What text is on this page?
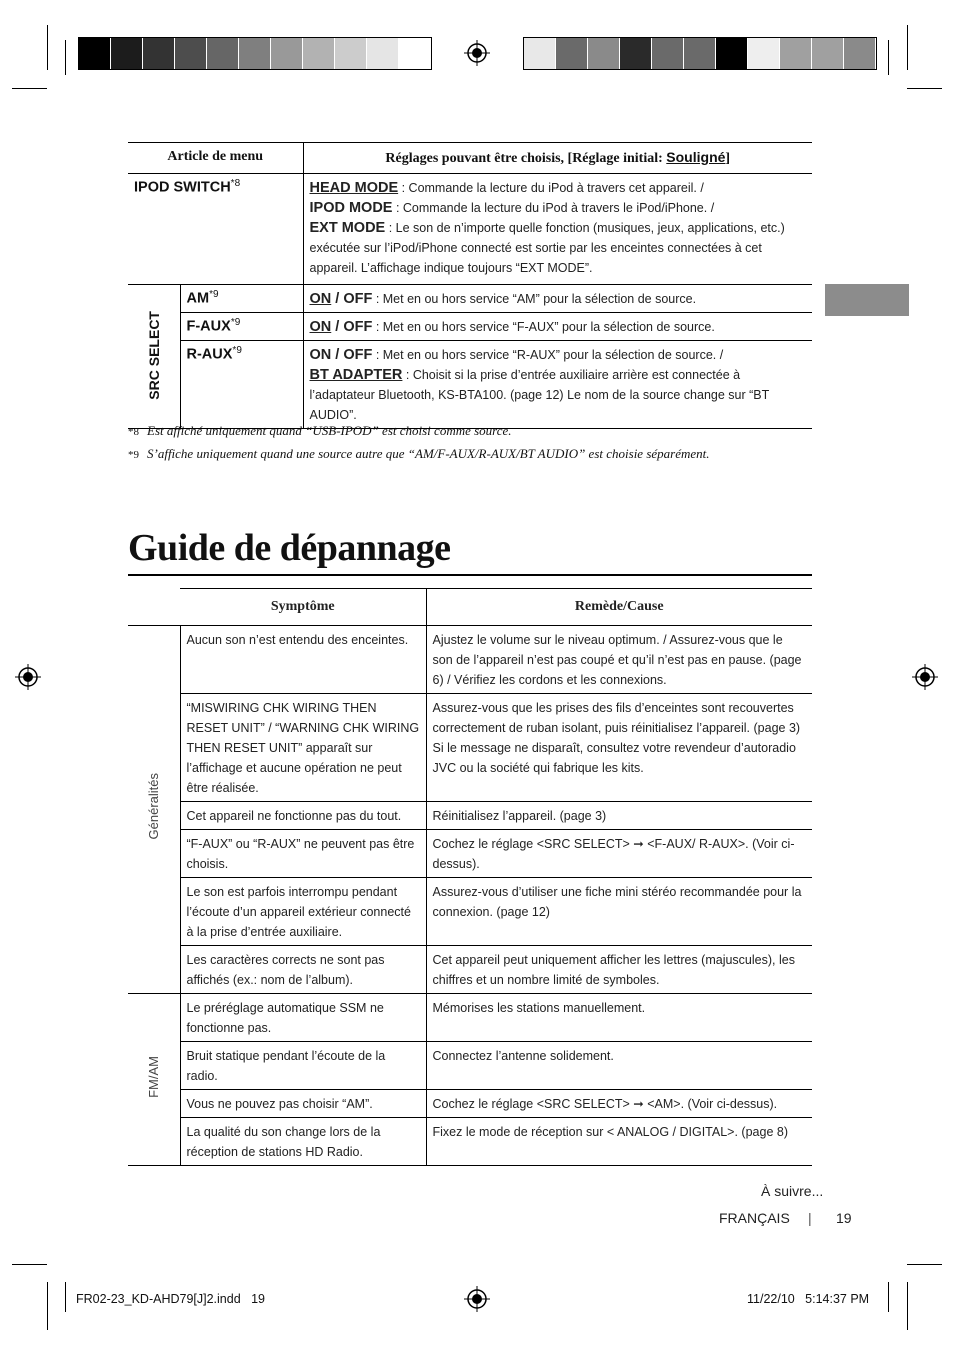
Article de menu		Réglages pouvant être choisis, [Réglage initial: Souligné]
IPOD SWITCH$^{*8}$		HEAD MODE : Commande la lecture du iPod à travers cet appareil. /
IPOD MODE : Commande la lecture du iPod à travers le iPod/iPhone. /
EXT MODE : Le son de n’importe quelle fonction (musiques, jeux, applications, etc.) exécutée sur l’iPod/iPhone connecté est sortie par les enceintes connectées à cet appareil. L’affichage indique toujours “EXT MODE”.
SRC SELECT	AM$^{*9}$	ON / OFF : Met en ou hors service “AM” pour la sélection de source.
	F-AUX$^{*9}$	ON / OFF : Met en ou hors service “F-AUX” pour la sélection de source.
	R-AUX$^{*9}$	ON / OFF : Met en ou hors service “R-AUX” pour la sélection de source. /
BT ADAPTER : Choisit si la prise d’entrée auxiliaire arrière est connectée à l’adaptateur Bluetooth, KS-BTA100. (page 12) Le nom de la source change sur “BT AUDIO”.
*8 Est affiché uniquement quand “USB-IPOD” est choisi comme source.
*9 S’affiche uniquement quand une source autre que “AM/F-AUX/R-AUX/BT AUDIO” est choisie séparément.
Guide de dépannage
	Symptôme	Remède/Cause
Généralités	Aucun son n’est entendu des enceintes.	Ajustez le volume sur le niveau optimum. / Assurez-vous que le son de l’appareil n’est pas coupé et qu’il n’est pas en pause. (page 6) / Vérifiez les cordons et les connexions.
	“MISWIRING CHK WIRING THEN RESET UNIT” / “WARNING CHK WIRING THEN RESET UNIT” apparaît sur l’affichage et aucune opération ne peut être réalisée.	Assurez-vous que les prises des fils d’enceintes sont recouvertes correctement de ruban isolant, puis réinitialisez l’appareil. (page 3) Si le message ne disparaît, consultez votre revendeur d’autoradio JVC ou la société qui fabrique les kits.
	Cet appareil ne fonctionne pas du tout.	Réinitialisez l’appareil. (page 3)
	“F-AUX” ou “R-AUX” ne peuvent pas être choisis.	Cochez le réglage <SRC SELECT> ➞ <F-AUX/ R-AUX>. (Voir ci-dessus).
	Le son est parfois interrompu pendant l’écoute d’un appareil extérieur connecté à la prise d’entrée auxiliaire.	Assurez-vous d’utiliser une fiche mini stéréo recommandée pour la connexion. (page 12)
	Les caractères corrects ne sont pas affichés (ex.: nom de l’album).	Cet appareil peut uniquement afficher les lettres (majuscules), les chiffres et un nombre limité de symboles.
FM/AM	Le préréglage automatique SSM ne fonctionne pas.	Mémorises les stations manuellement.
	Bruit statique pendant l’écoute de la radio.	Connectez l’antenne solidement.
	Vous ne pouvez pas choisir “AM”.	Cochez le réglage <SRC SELECT> ➞ <AM>. (Voir ci-dessus).
	La qualité du son change lors de la réception de stations HD Radio.	Fixez le mode de réception sur < ANALOG / DIGITAL>. (page 8)
À suivre...
FRANÇAIS | 19
FR02-23_KD-AHD79[J]2.indd   19	11/22/10   5:14:37 PM
